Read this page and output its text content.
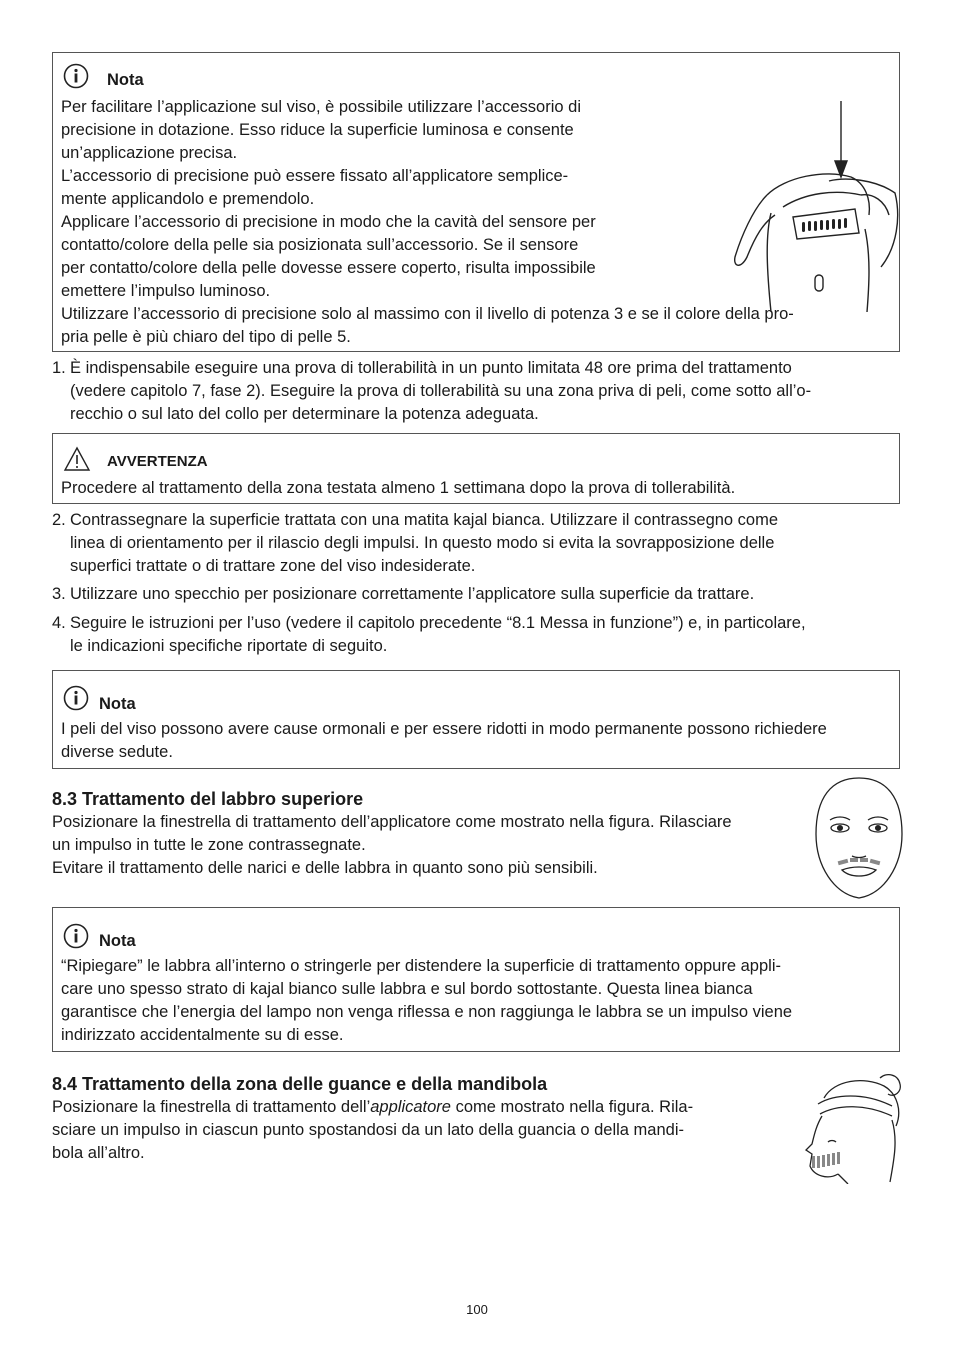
Nota
Per facilitare l’applicazione sul viso, è possibile utilizzare l’accessorio di
precisione in dotazione. Esso riduce la superficie luminosa e consente
un’applicazione precisa.
L’accessorio di precisione può essere fissato all’applicatore semplice-
mente applicandolo e premendolo.
Applicare l’accessorio di precisione in modo che la cavità del sensore per
contatto/colore della pelle sia posizionata sull’accessorio. Se il sensore
per contatto/colore della pelle dovesse essere coperto, risulta impossibile
emettere l’impulso luminoso.
Utilizzare l’accessorio di precisione solo al massimo con il livello di potenza 3 e se il colore della pro-
pria pelle è più chiaro del tipo di pelle 5.
1. È indispensabile eseguire una prova di tollerabilità in un punto limitata 48 ore prima del trattamento
(vedere capitolo 7, fase 2). Eseguire la prova di tollerabilità su una zona priva di peli, come sotto all’o-
recchio o sul lato del collo per determinare la potenza adeguata.
AVVERTENZA
Procedere al trattamento della zona testata almeno 1 settimana dopo la prova di tollerabilità.
2. Contrassegnare la superficie trattata con una matita kajal bianca. Utilizzare il contrassegno come
linea di orientamento per il rilascio degli impulsi. In questo modo si evita la sovrapposizione delle
superfici trattate o di trattare zone del viso indesiderate.
3. Utilizzare uno specchio per posizionare correttamente l’applicatore sulla superficie da trattare.
4. Seguire le istruzioni per l’uso (vedere il capitolo precedente “8.1 Messa in funzione”) e, in particolare,
le indicazioni specifiche riportate di seguito.
Nota
I peli del viso possono avere cause ormonali e per essere ridotti in modo permanente possono richiedere
diverse sedute.
8.3 Trattamento del labbro superiore
Posizionare la finestrella di trattamento dell’applicatore come mostrato nella figura. Rilasciare
un impulso in tutte le zone contrassegnate.
Evitare il trattamento delle narici e delle labbra in quanto sono più sensibili.
Nota
“Ripiegare” le labbra all’interno o stringerle per distendere la superficie di trattamento oppure appli-
care uno spesso strato di kajal bianco sulle labbra e sul bordo sottostante. Questa linea bianca
garantisce che l’energia del lampo non venga riflessa e non raggiunga le labbra se un impulso viene
indirizzato accidentalmente su di esse.
8.4 Trattamento della zona delle guance e della mandibola
Posizionare la finestrella di trattamento dell’applicatore come mostrato nella figura. Rila-
sciare un impulso in ciascun punto spostandosi da un lato della guancia o della mandi-
bola all’altro.
100
